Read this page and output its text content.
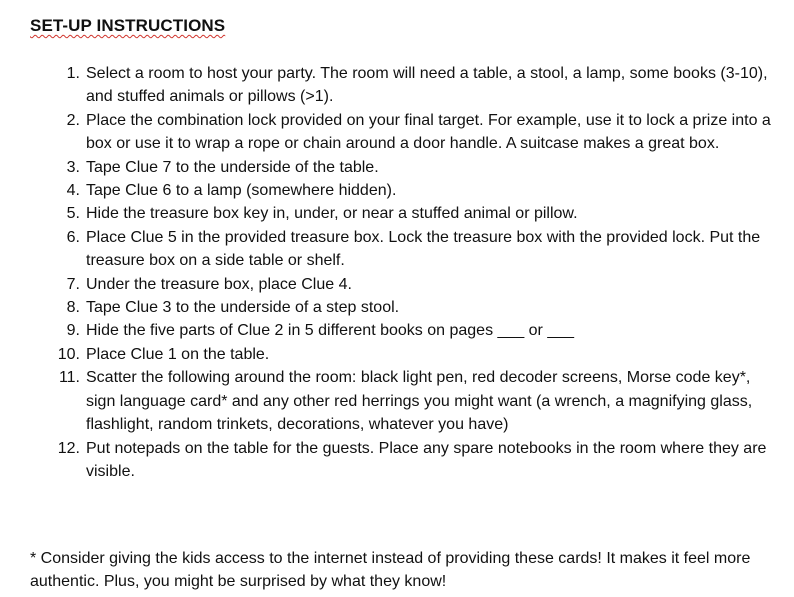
SET-UP INSTRUCTIONS
1. Select a room to host your party. The room will need a table, a stool, a lamp, some books (3-10), and stuffed animals or pillows (>1).
2. Place the combination lock provided on your final target. For example, use it to lock a prize into a box or use it to wrap a rope or chain around a door handle. A suitcase makes a great box.
3. Tape Clue 7 to the underside of the table.
4. Tape Clue 6 to a lamp (somewhere hidden).
5. Hide the treasure box key in, under, or near a stuffed animal or pillow.
6. Place Clue 5 in the provided treasure box. Lock the treasure box with the provided lock. Put the treasure box on a side table or shelf.
7. Under the treasure box, place Clue 4.
8. Tape Clue 3 to the underside of a step stool.
9. Hide the five parts of Clue 2 in 5 different books on pages ___ or ___
10. Place Clue 1 on the table.
11. Scatter the following around the room: black light pen, red decoder screens, Morse code key*, sign language card* and any other red herrings you might want (a wrench, a magnifying glass, flashlight, random trinkets, decorations, whatever you have)
12. Put notepads on the table for the guests. Place any spare notebooks in the room where they are visible.

* Consider giving the kids access to the internet instead of providing these cards! It makes it feel more authentic. Plus, you might be surprised by what they know!
